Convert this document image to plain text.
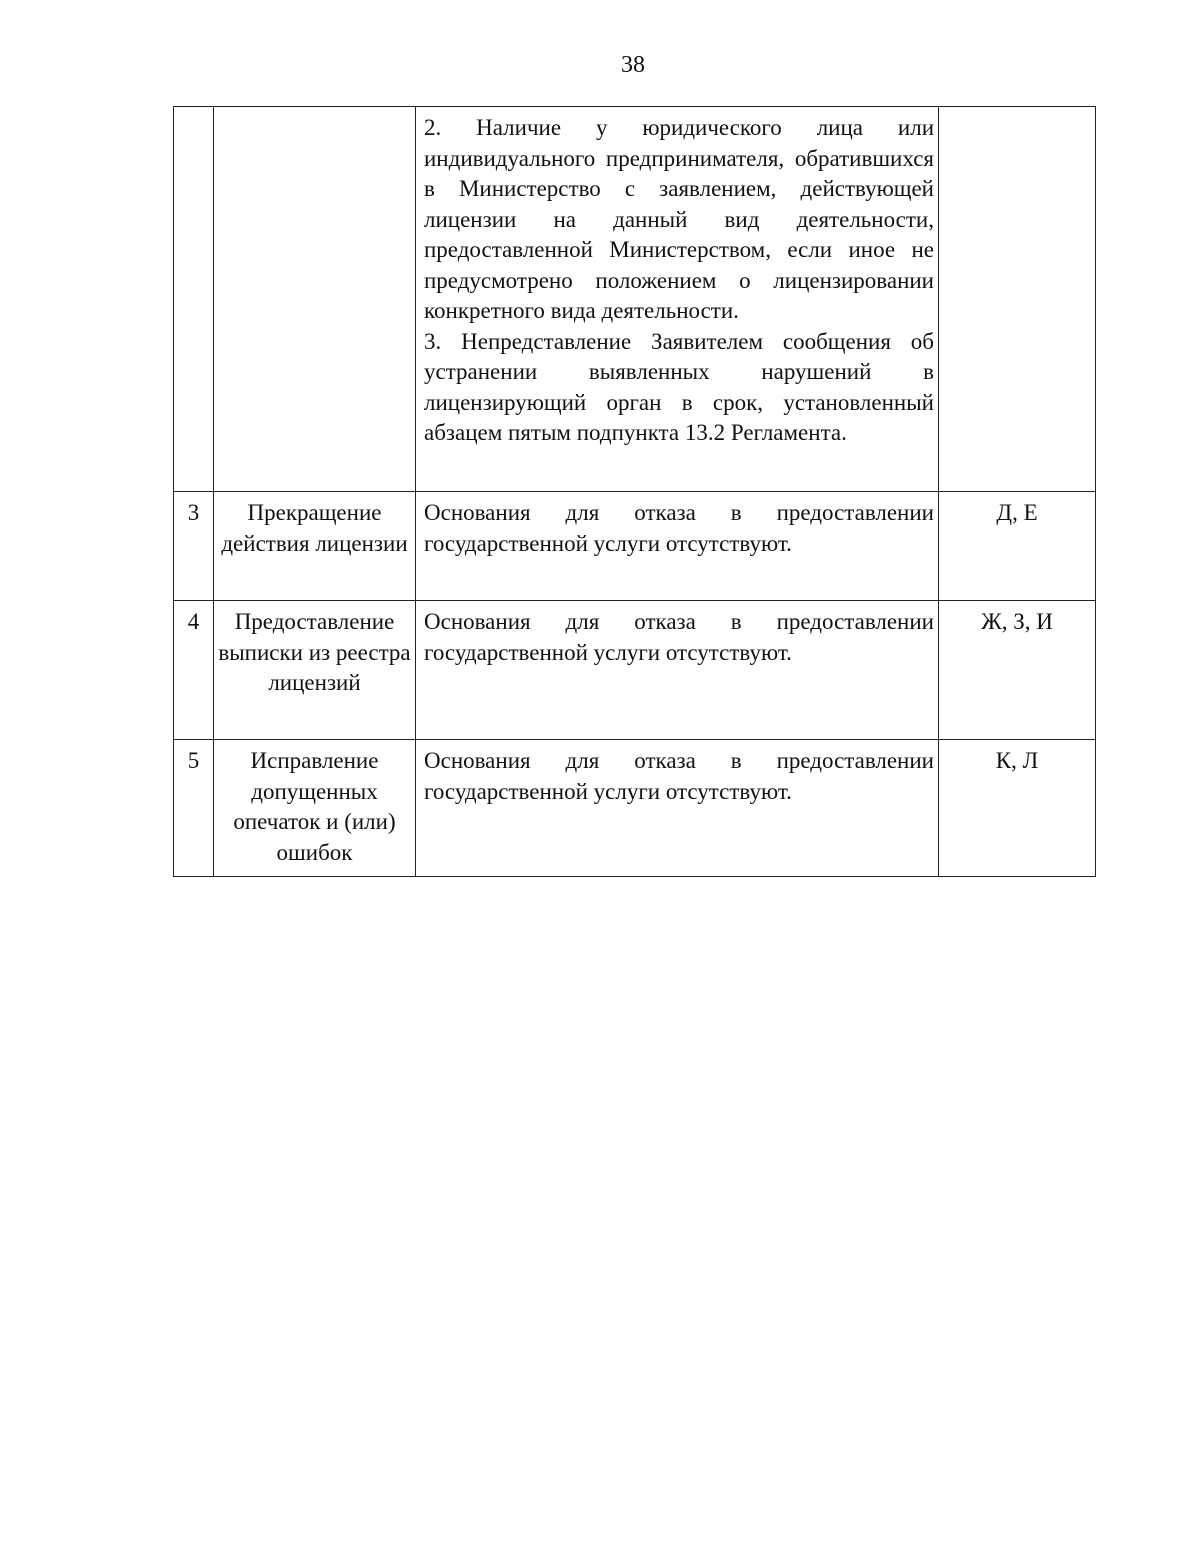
38

		2. Наличие у юридического лица или индивидуального предпринимателя, обратившихся в Министерство с заявлением, действующей лицензии на данный вид деятельности, предоставленной Министерством, если иное не предусмотрено положением о лицензировании конкретного вида деятельности.
3. Непредставление Заявителем сообщения об устранении выявленных нарушений в лицензирующий орган в срок, установленный абзацем пятым подпункта 13.2 Регламента.	

3	Прекращение действия лицензии	Основания для отказа в предоставлении государственной услуги отсутствуют.	Д, Е
4	Предоставление выписки из реестра лицензий	Основания для отказа в предоставлении государственной услуги отсутствуют.	Ж, З, И
5	Исправление допущенных опечаток и (или) ошибок	Основания для отказа в предоставлении государственной услуги отсутствуют.	К, Л
